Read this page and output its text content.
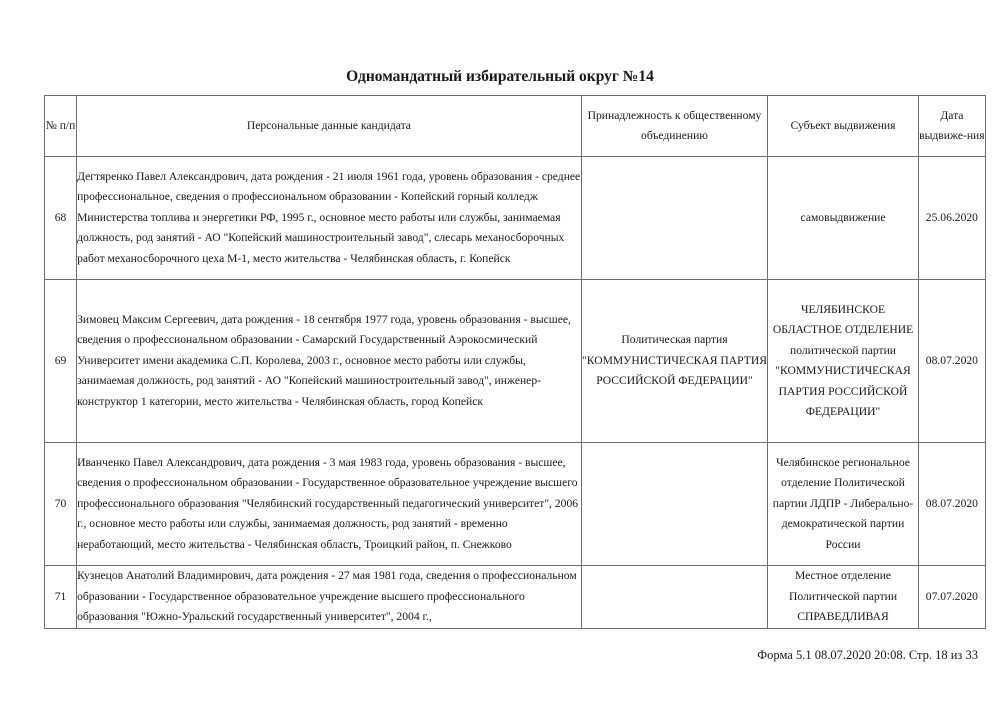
Одномандатный избирательный округ №14
№ п/п	Персональные данные кандидата	Принадлежность к общественному объединению	Субъект выдвижения	Дата выдвиже-ния
68	Дегтяренко Павел Александрович, дата рождения - 21 июля 1961 года, уровень образования - среднее профессиональное, сведения о профессиональном образовании - Копейский горный колледж Министерства топлива и энергетики РФ, 1995 г., основное место работы или службы, занимаемая должность, род занятий - АО "Копейский машиностроительный завод", слесарь механосборочных работ механосборочного цеха М-1, место жительства - Челябинская область, г. Копейск		самовыдвижение	25.06.2020
69	Зимовец Максим Сергеевич, дата рождения - 18 сентября 1977 года, уровень образования - высшее, сведения о профессиональном образовании - Самарский Государственный Аэрокосмический Университет имени академика С.П. Королева, 2003 г., основное место работы или службы, занимаемая должность, род занятий - АО "Копейский машиностроительный завод", инженер-конструктор 1 категории, место жительства - Челябинская область, город Копейск	Политическая партия "КОММУНИСТИЧЕСКАЯ ПАРТИЯ РОССИЙСКОЙ ФЕДЕРАЦИИ"	ЧЕЛЯБИНСКОЕ ОБЛАСТНОЕ ОТДЕЛЕНИЕ политической партии "КОММУНИСТИЧЕСКАЯ ПАРТИЯ РОССИЙСКОЙ ФЕДЕРАЦИИ"	08.07.2020
70	Иванченко Павел Александрович, дата рождения - 3 мая 1983 года, уровень образования - высшее, сведения о профессиональном образовании - Государственное образовательное учреждение высшего профессионального образования "Челябинский государственный педагогический университет", 2006 г., основное место работы или службы, занимаемая должность, род занятий - временно неработающий, место жительства - Челябинская область, Троицкий район, п. Снежково		Челябинское региональное отделение Политической партии ЛДПР - Либерально-демократической партии России	08.07.2020
71	Кузнецов Анатолий Владимирович, дата рождения - 27 мая 1981 года, сведения о профессиональном образовании - Государственное образовательное учреждение высшего профессионального образования "Южно-Уральский государственный университет", 2004 г.,		Местное отделение Политической партии СПРАВЕДЛИВАЯ	07.07.2020
Форма 5.1 08.07.2020 20:08. Стр. 18 из 33
